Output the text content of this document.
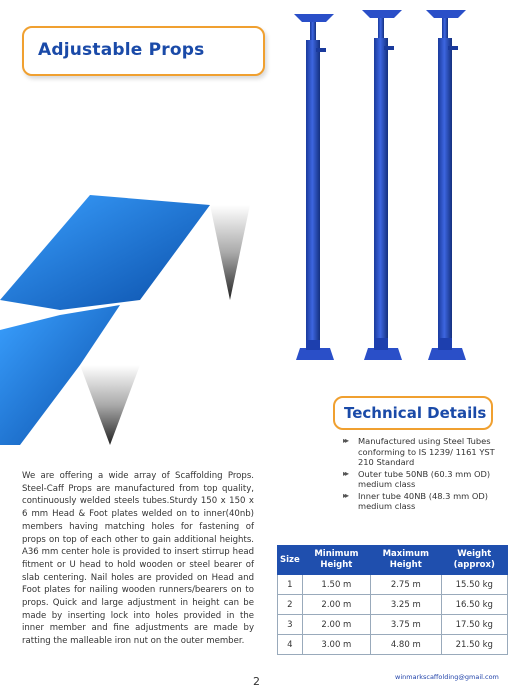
Adjustable Props
Technical Details
▸▸ Manufactured using Steel Tubes conforming to IS 1239/ 1161 YST 210 Standard
▸▸ Outer tube 50NB (60.3 mm OD) medium class
▸▸ Inner tube 40NB (48.3 mm OD) medium class

We are offering a wide array of Scaffolding Props. Steel-Caff Props are manufactured from top quality, continuously welded steels tubes.Sturdy 150 x 150 x 6 mm Head & Foot plates welded on to inner(40nb) members having matching holes for fastening of props on top of each other to gain additional heights. A36 mm center hole is provided to insert stirrup head fitment or U head to hold wooden or steel bearer of slab centering. Nail holes are provided on Head and Foot plates for nailing wooden runners/bearers on to props. Quick and large adjustment in height can be made by inserting lock into holes provided in the inner member and fine adjustments are made by ratting the malleable iron nut on the outer member.

Size	Minimum Height	Maximum Height	Weight (approx)
1	1.50 m	2.75 m	15.50 kg
2	2.00 m	3.25 m	16.50 kg
3	2.00 m	3.75 m	17.50 kg
4	3.00 m	4.80 m	21.50 kg
2	winmarkscaffolding@gmail.com
